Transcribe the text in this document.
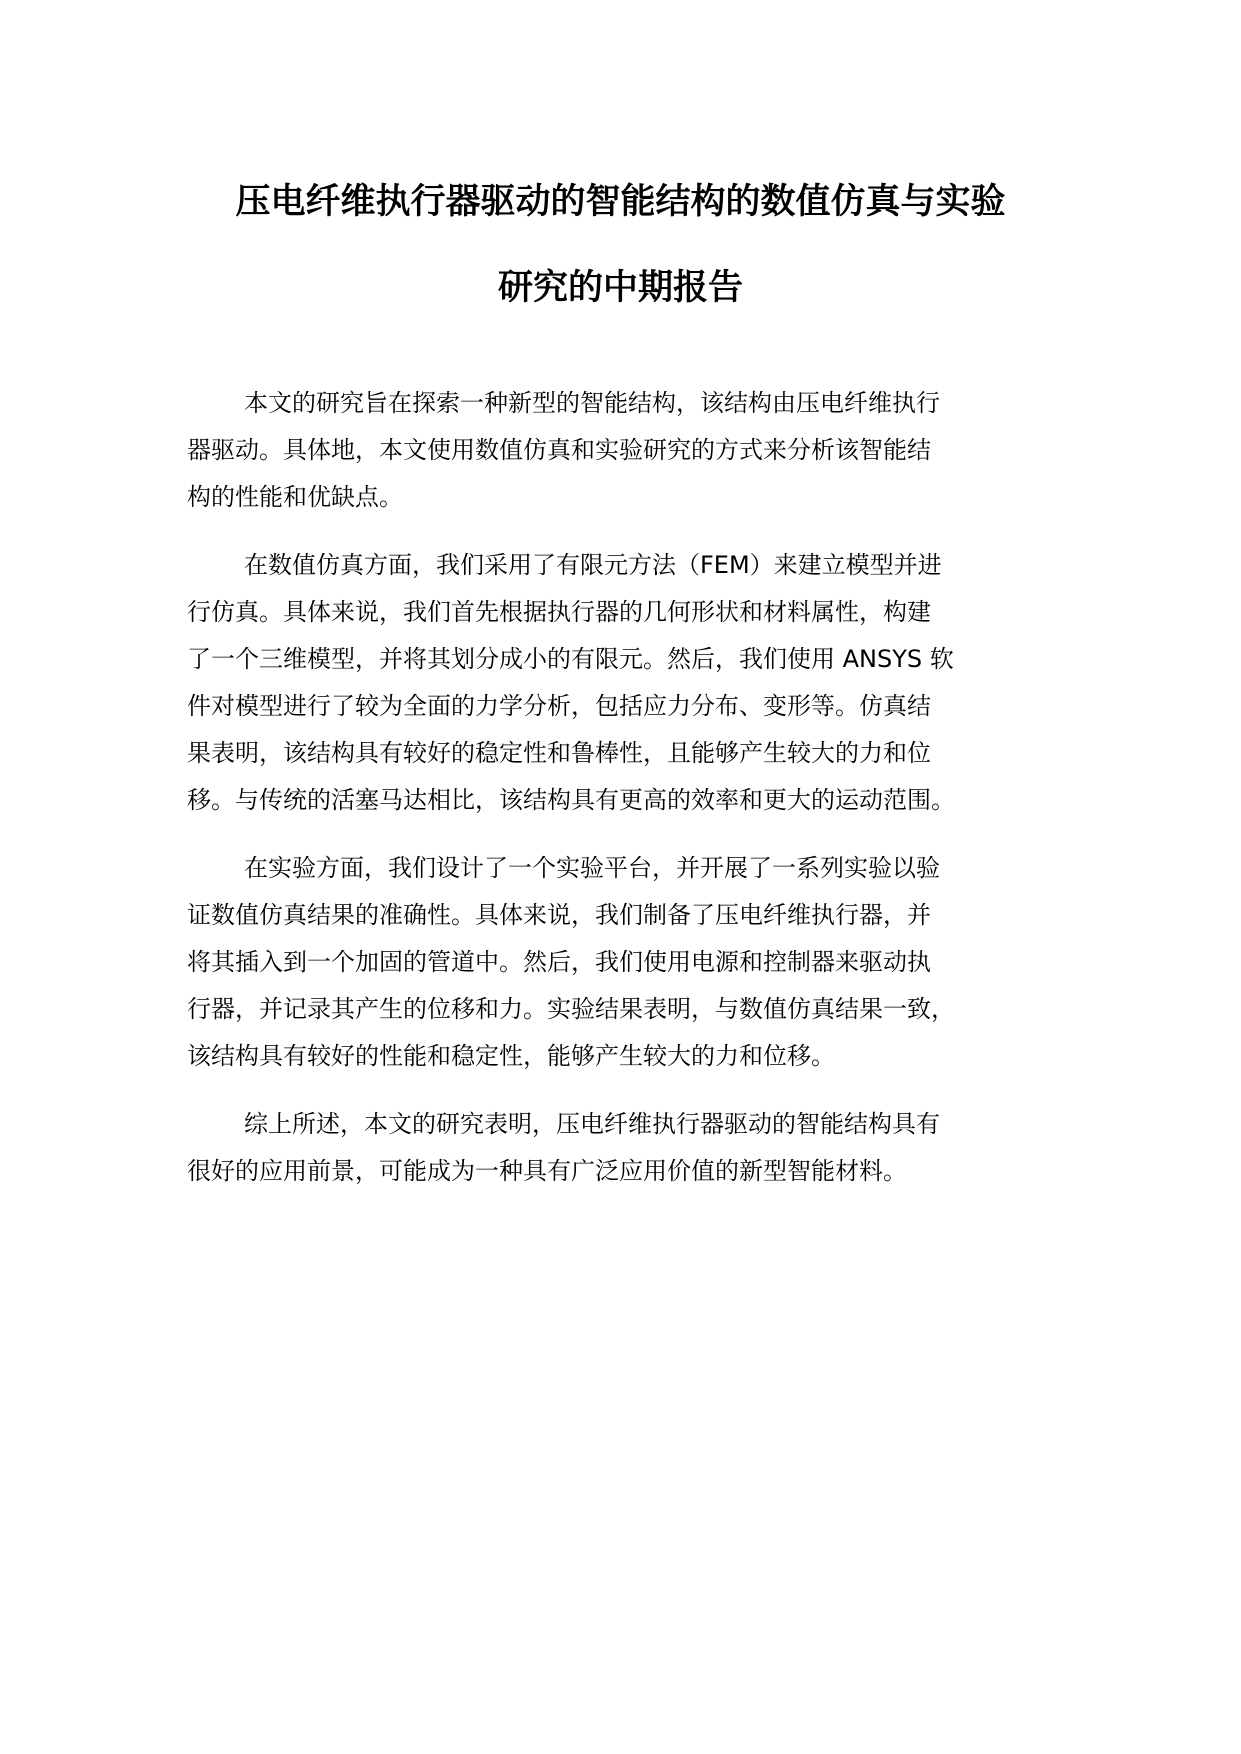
压电纤维执行器驱动的智能结构的数值仿真与实验
研究的中期报告

本文的研究旨在探索一种新型的智能结构，该结构由压电纤维执行
器驱动。具体地，本文使用数值仿真和实验研究的方式来分析该智能结
构的性能和优缺点。

在数值仿真方面，我们采用了有限元方法（FEM）来建立模型并进
行仿真。具体来说，我们首先根据执行器的几何形状和材料属性，构建
了一个三维模型，并将其划分成小的有限元。然后，我们使用 ANSYS 软
件对模型进行了较为全面的力学分析，包括应力分布、变形等。仿真结
果表明，该结构具有较好的稳定性和鲁棒性，且能够产生较大的力和位
移。与传统的活塞马达相比，该结构具有更高的效率和更大的运动范围。

在实验方面，我们设计了一个实验平台，并开展了一系列实验以验
证数值仿真结果的准确性。具体来说，我们制备了压电纤维执行器，并
将其插入到一个加固的管道中。然后，我们使用电源和控制器来驱动执
行器，并记录其产生的位移和力。实验结果表明，与数值仿真结果一致，
该结构具有较好的性能和稳定性，能够产生较大的力和位移。

综上所述，本文的研究表明，压电纤维执行器驱动的智能结构具有
很好的应用前景，可能成为一种具有广泛应用价值的新型智能材料。
